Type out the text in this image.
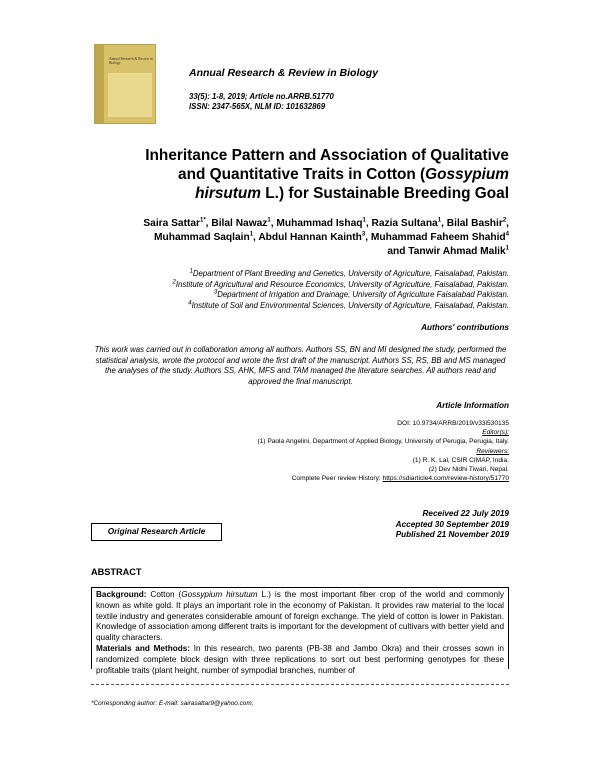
Annual Research & Review in Biology
Annual Research & Review in Biology
33(5): 1-8, 2019; Article no.ARRB.51770
ISSN: 2347-565X, NLM ID: 101632869
Inheritance Pattern and Association of Qualitative
and Quantitative Traits in Cotton (Gossypium
hirsutum L.) for Sustainable Breeding Goal
Saira Sattar$^{1*}$, Bilal Nawaz$^1$, Muhammad Ishaq$^1$, Razia Sultana$^1$, Bilal Bashir$^2$,
Muhammad Saqlain$^1$, Abdul Hannan Kainth$^3$, Muhammad Faheem Shahid$^4$
and Tanwir Ahmad Malik$^1$
$^1$Department of Plant Breeding and Genetics, University of Agriculture, Faisalabad, Pakistan.
$^2$Institute of Agricultural and Resource Economics, University of Agriculture, Faisalabad, Pakistan.
$^3$Department of Irrigation and Drainage, University of Agriculture Faisalabad Pakistan.
$^4$Institute of Soil and Environmental Sciences, University of Agriculture, Faisalabad, Pakistan.
Authors' contributions
This work was carried out in collaboration among all authors. Authors SS, BN and MI designed the study, performed the statistical analysis, wrote the protocol and wrote the first draft of the manuscript. Authors SS, RS, BB and MS managed the analyses of the study. Authors SS, AHK, MFS and TAM managed the literature searches. All authors read and approved the final manuscript.
Article Information
DOI: 10.9734/ARRB/2019/v33i530135
Editor(s):
(1) Paola Angelini, Department of Applied Biology, University of Perugia, Perugia, Italy.
Reviewers:
(1) R. K. Lal, CSIR CIMAP, India.
(2) Dev Nidhi Tiwari, Nepal.
Complete Peer review History: https://sdiarticle4.com/review-history/51770
Original Research Article
Received 22 July 2019
Accepted 30 September 2019
Published 21 November 2019
ABSTRACT
Background: Cotton (Gossypium hirsutum L.) is the most important fiber crop of the world and commonly known as white gold. It plays an important role in the economy of Pakistan. It provides raw material to the local textile industry and generates considerable amount of foreign exchange. The yield of cotton is lower in Pakistan. Knowledge of association among different traits is important for the development of cultivars with better yield and quality characters.
Materials and Methods: In this research, two parents (PB-38 and Jambo Okra) and their crosses sown in randomized complete block design with three replications to sort out best performing genotypes for these profitable traits (plant height, number of sympodial branches, number of
*Corresponding author: E-mail: sairasattar9@yahoo.com;
